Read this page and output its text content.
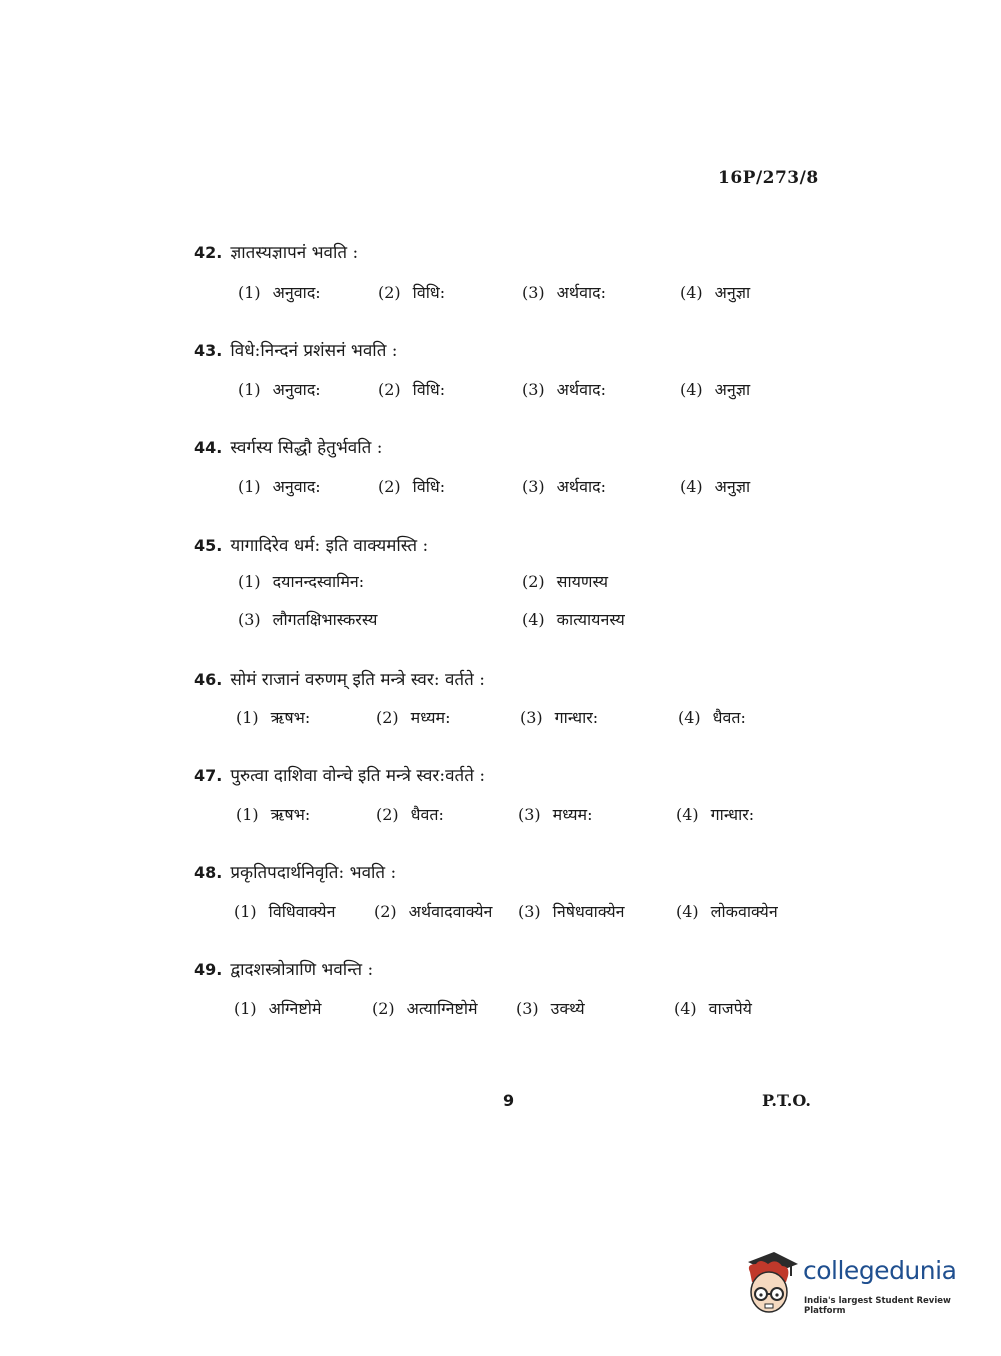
16P/273/8
42. ज्ञातस्यज्ञापनं भवति :
(1) अनुवाद:	(2) विधि:	(3) अर्थवाद:	(4) अनुज्ञा
43. विधे:निन्दनं प्रशंसनं भवति :
(1) अनुवाद:	(2) विधि:	(3) अर्थवाद:	(4) अनुज्ञा
44. स्वर्गस्य सिद्धौ हेतुर्भवति :
(1) अनुवाद:	(2) विधि:	(3) अर्थवाद:	(4) अनुज्ञा
45. यागादिरेव धर्म: इति वाक्यमस्ति :
(1) दयानन्दस्वामिन:	(2) सायणस्य
(3) लौगतक्षिभास्करस्य	(4) कात्यायनस्य
46. सोमं राजानं वरुणम् इति मन्त्रे स्वर: वर्तते :
(1) ऋषभ:	(2) मध्यम:	(3) गान्धार:	(4) धैवत:
47. पुरुत्वा दाशिवा वोन्चे इति मन्त्रे स्वर:वर्तते :
(1) ऋषभ:	(2) धैवत:	(3) मध्यम:	(4) गान्धार:
48. प्रकृतिपदार्थनिवृति: भवति :
(1) विधिवाक्येन (2) अर्थवादवाक्येन (3) निषेधवाक्येन	(4) लोकवाक्येन
49. द्वादशस्त्रोत्राणि भवन्ति :
(1) अग्निष्टोमे	(2) अत्याग्निष्टोमे (3) उक्थ्ये	(4) वाजपेये
9	P.T.O.
collegedunia
India's largest Student Review Platform
